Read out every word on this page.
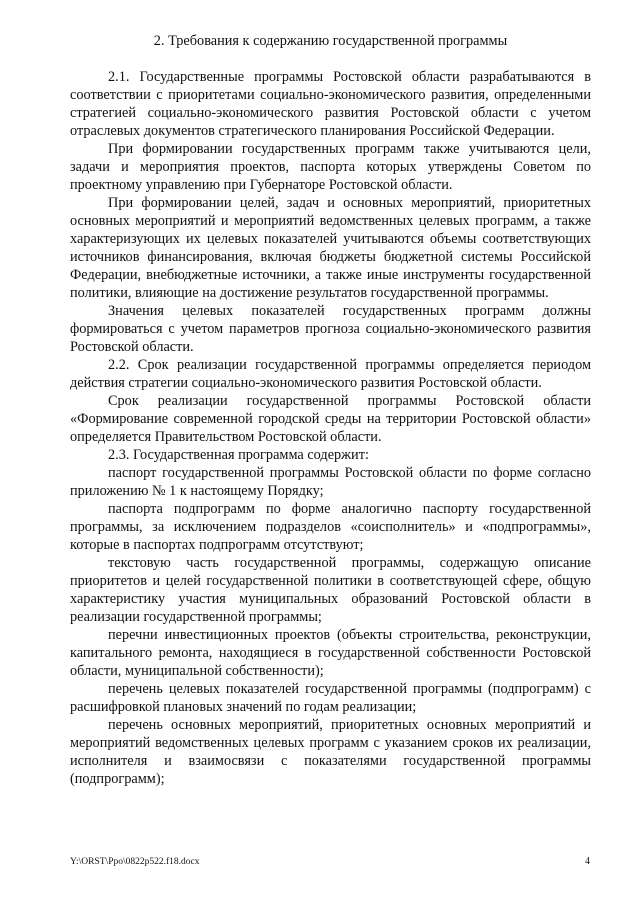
2. Требования к содержанию государственной программы

2.1. Государственные программы Ростовской области разрабатываются в соответствии с приоритетами социально-экономического развития, определенными стратегией социально-экономического развития Ростовской области с учетом отраслевых документов стратегического планирования Российской Федерации.

При формировании государственных программ также учитываются цели, задачи и мероприятия проектов, паспорта которых утверждены Советом по проектному управлению при Губернаторе Ростовской области.

При формировании целей, задач и основных мероприятий, приоритетных основных мероприятий и мероприятий ведомственных целевых программ, а также характеризующих их целевых показателей учитываются объемы соответствующих источников финансирования, включая бюджеты бюджетной системы Российской Федерации, внебюджетные источники, а также иные инструменты государственной политики, влияющие на достижение результатов государственной программы.

Значения целевых показателей государственных программ должны формироваться с учетом параметров прогноза социально-экономического развития Ростовской области.

2.2. Срок реализации государственной программы определяется периодом действия стратегии социально-экономического развития Ростовской области.

Срок реализации государственной программы Ростовской области «Формирование современной городской среды на территории Ростовской области» определяется Правительством Ростовской области.

2.3. Государственная программа содержит:

паспорт государственной программы Ростовской области по форме согласно приложению № 1 к настоящему Порядку;

паспорта подпрограмм по форме аналогично паспорту государственной программы, за исключением подразделов «соисполнитель» и «подпрограммы», которые в паспортах подпрограмм отсутствуют;

текстовую часть государственной программы, содержащую описание приоритетов и целей государственной политики в соответствующей сфере, общую характеристику участия муниципальных образований Ростовской области в реализации государственной программы;

перечни инвестиционных проектов (объекты строительства, реконструкции, капитального ремонта, находящиеся в государственной собственности Ростовской области, муниципальной собственности);

перечень целевых показателей государственной программы (подпрограмм) с расшифровкой плановых значений по годам реализации;

перечень основных мероприятий, приоритетных основных мероприятий и мероприятий ведомственных целевых программ с указанием сроков их реализации, исполнителя и взаимосвязи с показателями государственной программы (подпрограмм);

Y:\ORST\Ppo\0822p522.f18.docx	4
